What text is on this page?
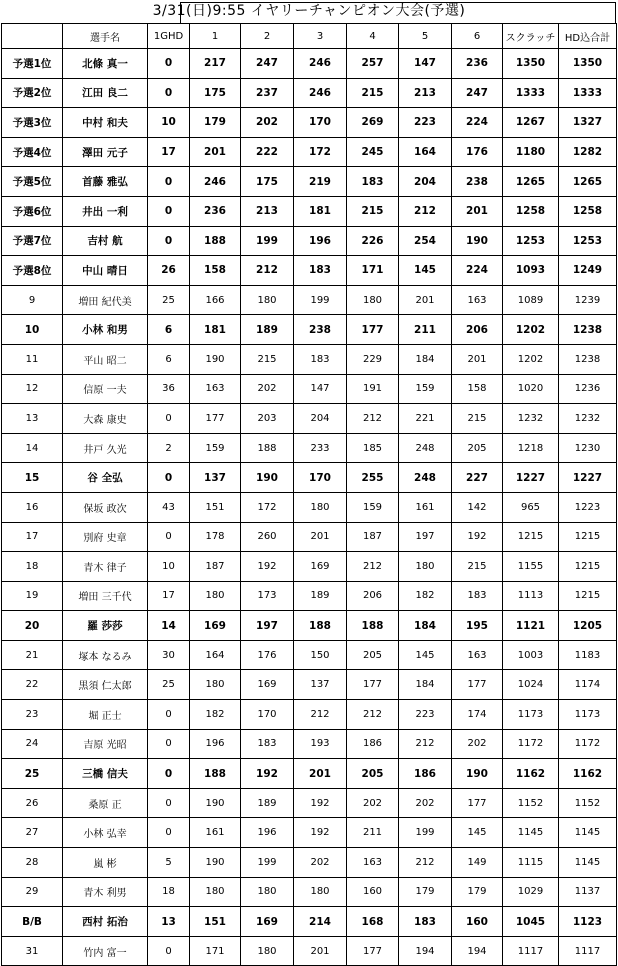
3/31(日)9:55 イヤリーチャンピオン大会(予選)
	選手名	1GHD	1	2	3	4	5	6	スクラッチ	HD込合計
予選1位	北條 真一	0	217	247	246	257	147	236	1350	1350
予選2位	江田 良二	0	175	237	246	215	213	247	1333	1333
予選3位	中村 和夫	10	179	202	170	269	223	224	1267	1327
予選4位	澤田 元子	17	201	222	172	245	164	176	1180	1282
予選5位	首藤 雅弘	0	246	175	219	183	204	238	1265	1265
予選6位	井出 一利	0	236	213	181	215	212	201	1258	1258
予選7位	吉村 航	0	188	199	196	226	254	190	1253	1253
予選8位	中山 晴日	26	158	212	183	171	145	224	1093	1249
9	増田 紀代美	25	166	180	199	180	201	163	1089	1239
10	小林 和男	6	181	189	238	177	211	206	1202	1238
11	平山 昭二	6	190	215	183	229	184	201	1202	1238
12	信原 一夫	36	163	202	147	191	159	158	1020	1236
13	大森 康史	0	177	203	204	212	221	215	1232	1232
14	井戸 久光	2	159	188	233	185	248	205	1218	1230
15	谷 全弘	0	137	190	170	255	248	227	1227	1227
16	保坂 政次	43	151	172	180	159	161	142	965	1223
17	別府 史章	0	178	260	201	187	197	192	1215	1215
18	青木 律子	10	187	192	169	212	180	215	1155	1215
19	増田 三千代	17	180	173	189	206	182	183	1113	1215
20	羅 莎莎	14	169	197	188	188	184	195	1121	1205
21	塚本 なるみ	30	164	176	150	205	145	163	1003	1183
22	黒須 仁太郎	25	180	169	137	177	184	177	1024	1174
23	堀 正士	0	182	170	212	212	223	174	1173	1173
24	吉原 光昭	0	196	183	193	186	212	202	1172	1172
25	三橋 信夫	0	188	192	201	205	186	190	1162	1162
26	桑原 正	0	190	189	192	202	202	177	1152	1152
27	小林 弘幸	0	161	196	192	211	199	145	1145	1145
28	嵐 彬	5	190	199	202	163	212	149	1115	1145
29	青木 利男	18	180	180	180	160	179	179	1029	1137
B/B	西村 拓治	13	151	169	214	168	183	160	1045	1123
31	竹内 富一	0	171	180	201	177	194	194	1117	1117
